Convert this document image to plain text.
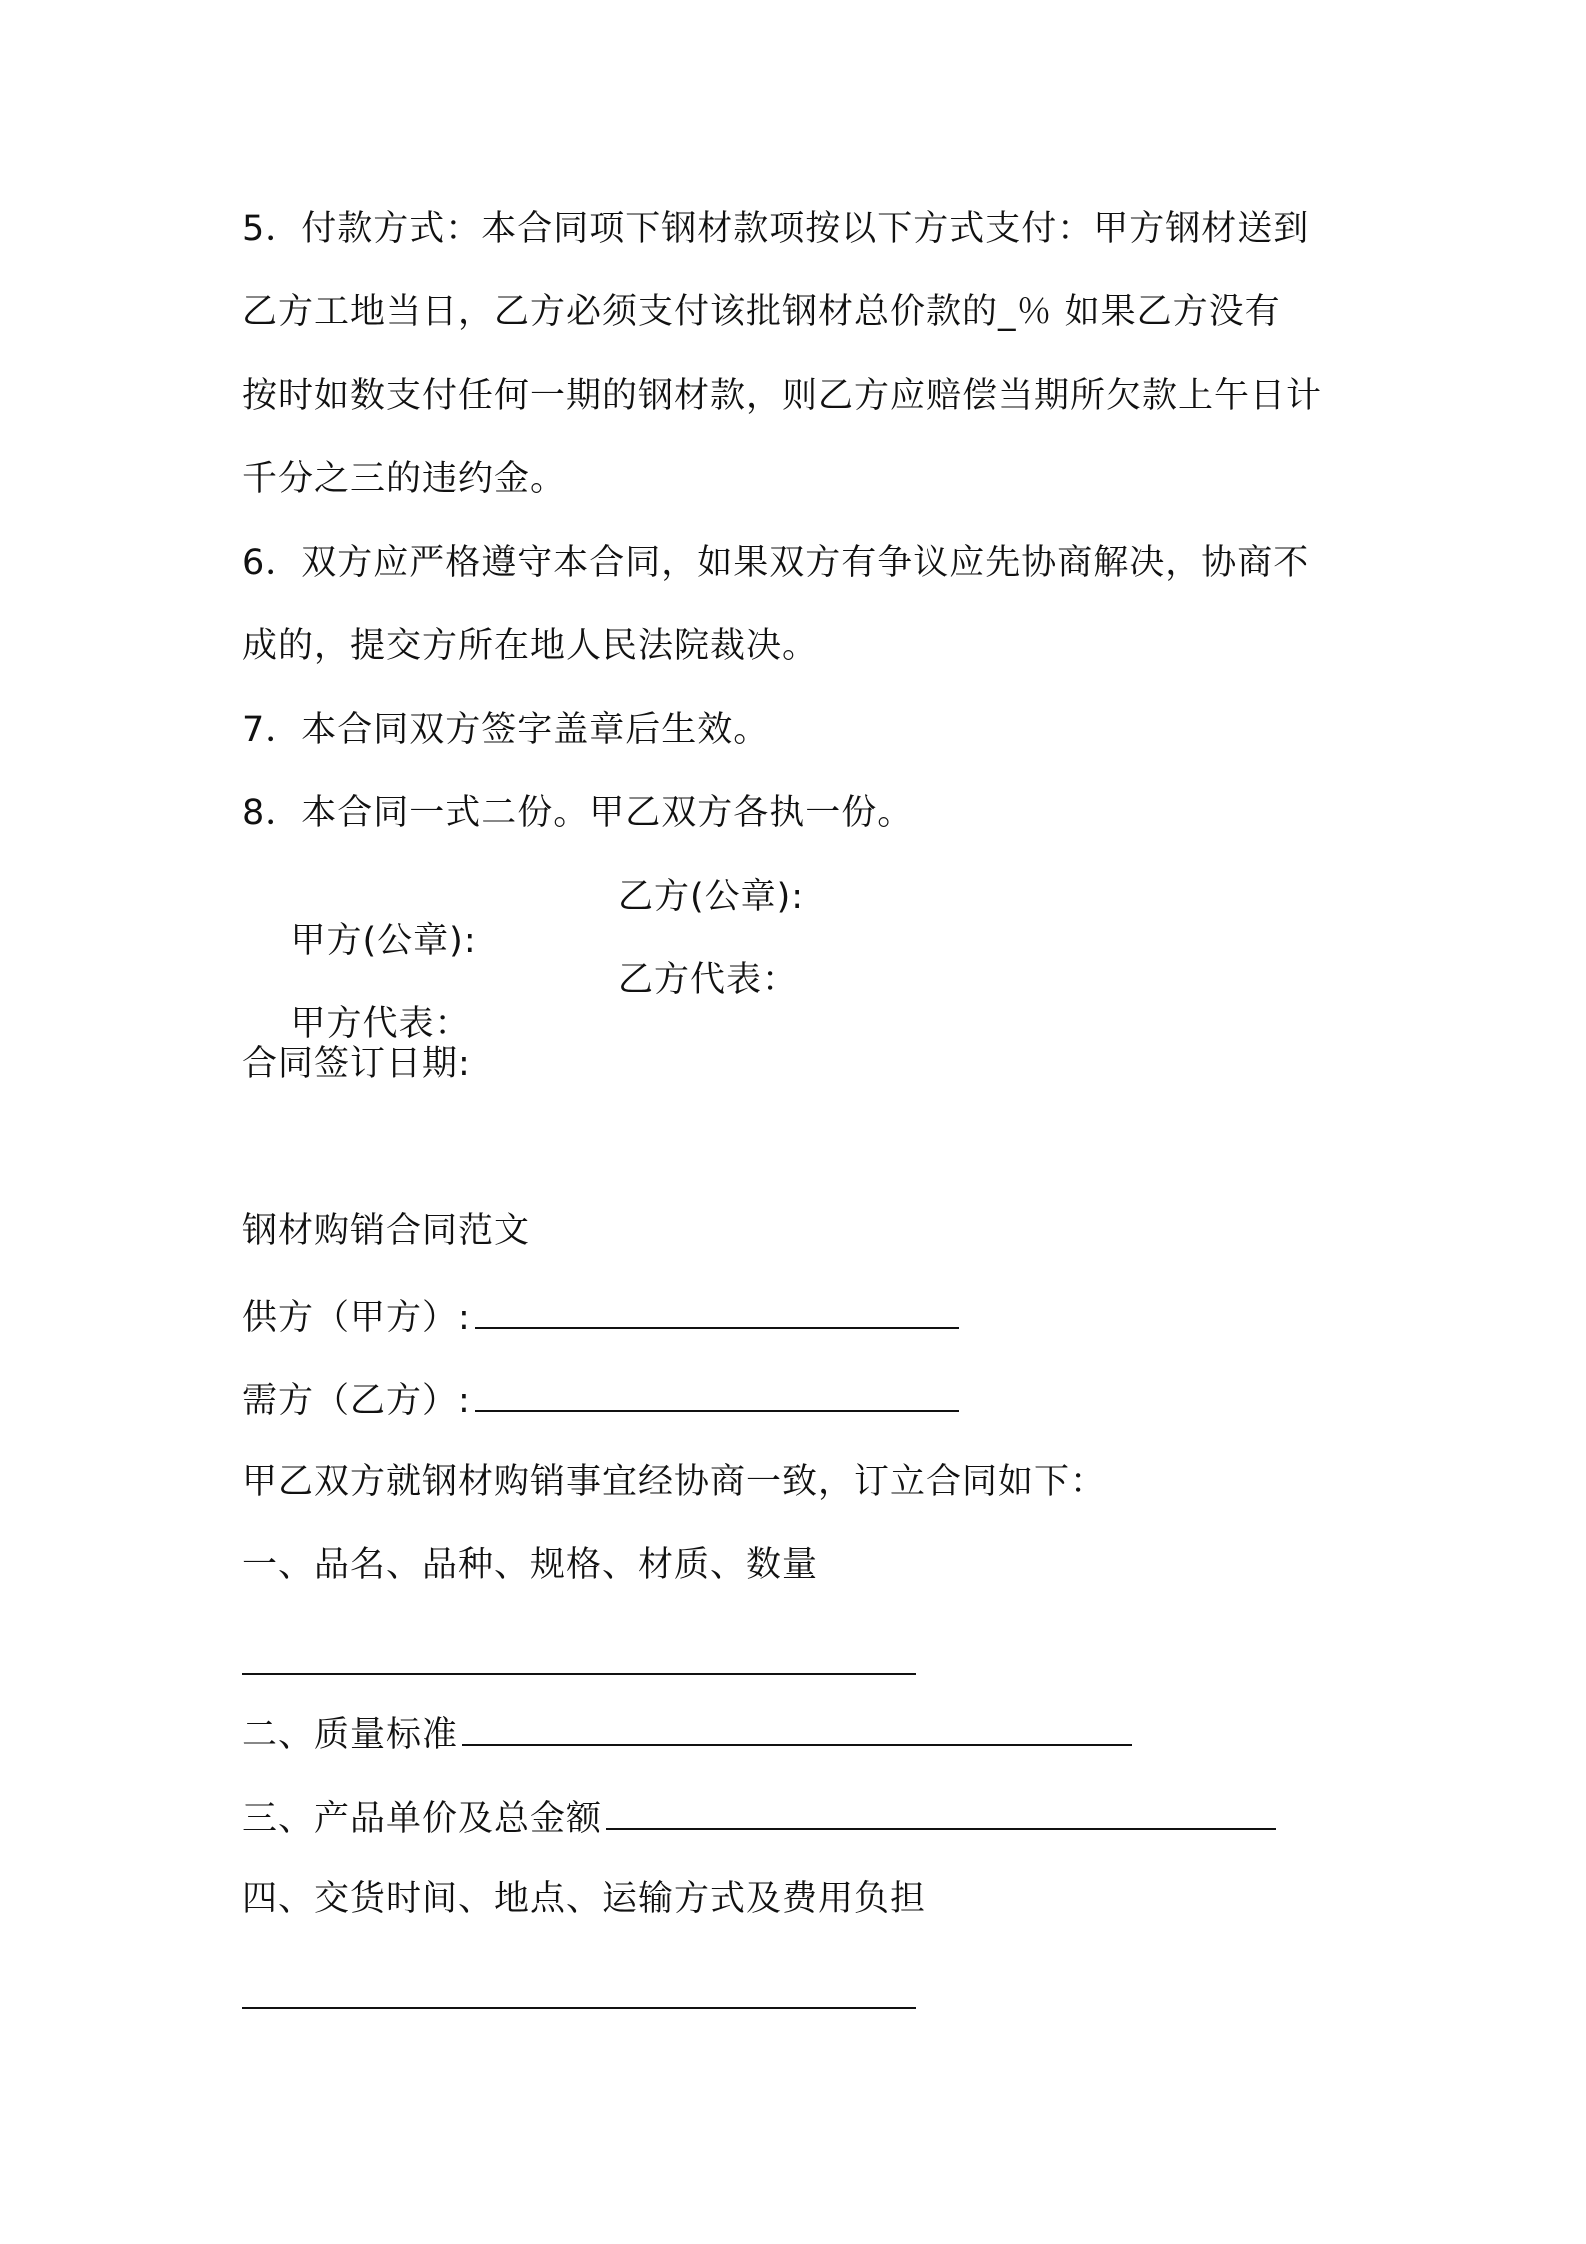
5．付款方式：本合同项下钢材款项按以下方式支付：甲方钢材送到
乙方工地当日，乙方必须支付该批钢材总价款的_％ 如果乙方没有
按时如数支付任何一期的钢材款，则乙方应赔偿当期所欠款上午日计
千分之三的违约金。
6．双方应严格遵守本合同，如果双方有争议应先协商解决，协商不
成的，提交方所在地人民法院裁决。
7．本合同双方签字盖章后生效。
8．本合同一式二份。甲乙双方各执一份。

甲方(公章):

乙方(公章):

甲方代表：

乙方代表：
合同签订日期:
钢材购销合同范文
供方（甲方）:
需方（乙方）:
甲乙双方就钢材购销事宜经协商一致，订立合同如下：
一、品名、品种、规格、材质、数量
二、质量标准
三、产品单价及总金额
四、交货时间、地点、运输方式及费用负担
